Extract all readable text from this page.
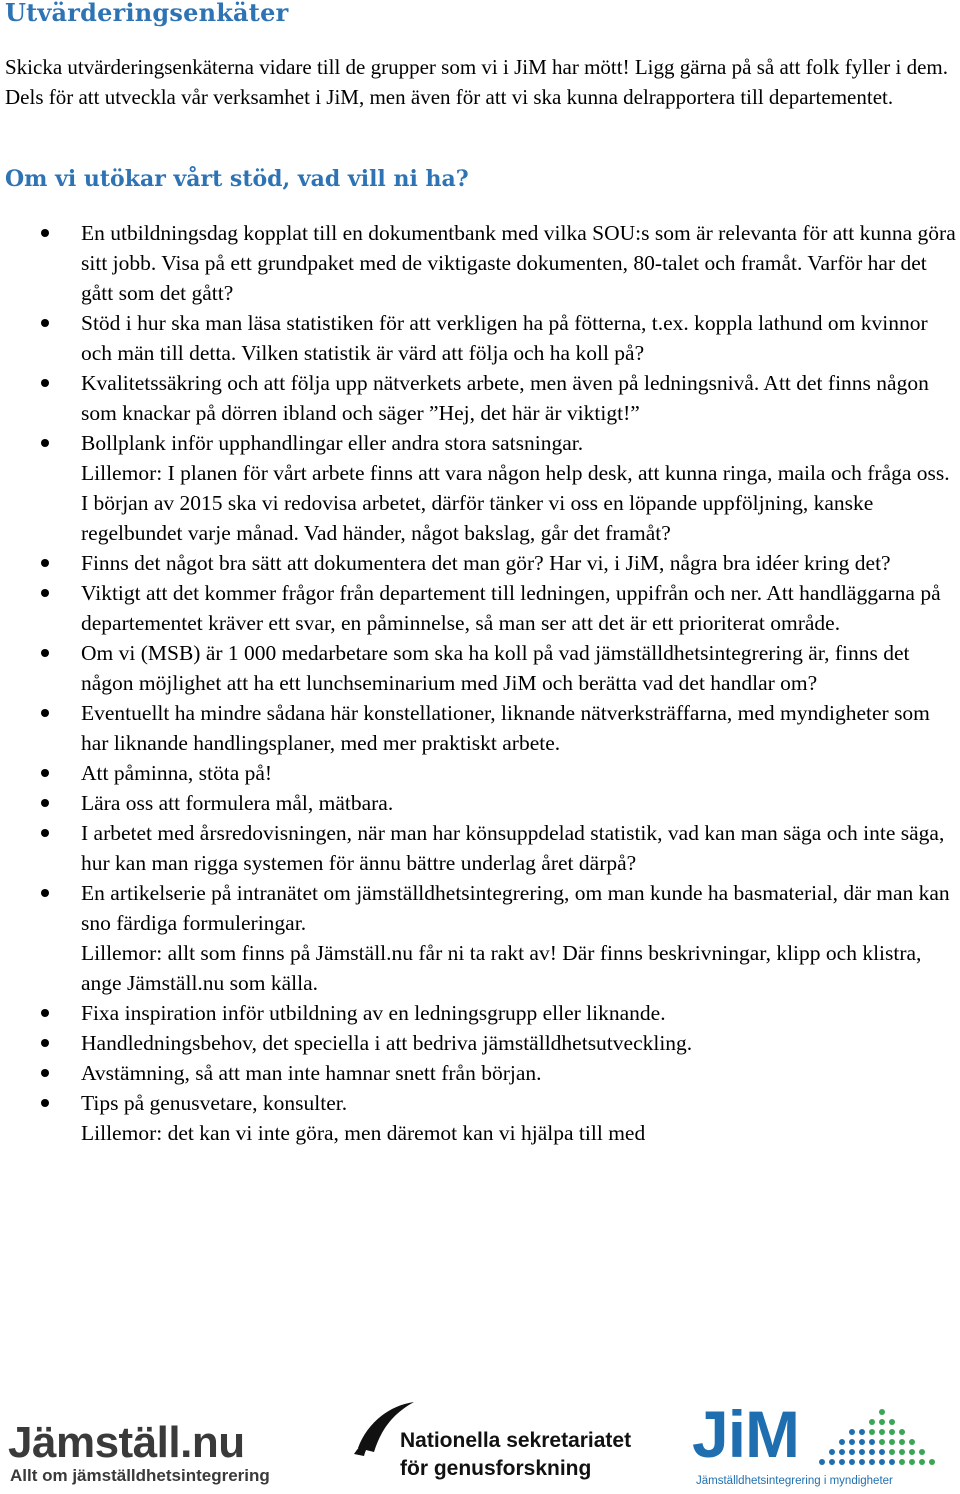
Utvärderingsenkäter

Skicka utvärderingsenkäterna vidare till de grupper som vi i JiM har mött! Ligg gärna på så att folk fyller i dem. Dels för att utveckla vår verksamhet i JiM, men även för att vi ska kunna delrapportera till departementet.

Om vi utökar vårt stöd, vad vill ni ha?
En utbildningsdag kopplat till en dokumentbank med vilka SOU:s som är relevanta för att kunna göra sitt jobb. Visa på ett grundpaket med de viktigaste dokumenten, 80-talet och framåt. Varför har det gått som det gått?
Stöd i hur ska man läsa statistiken för att verkligen ha på fötterna, t.ex. koppla lathund om kvinnor och män till detta. Vilken statistik är värd att följa och ha koll på?
Kvalitetssäkring och att följa upp nätverkets arbete, men även på ledningsnivå. Att det finns någon som knackar på dörren ibland och säger ”Hej, det här är viktigt!”
Bollplank inför upphandlingar eller andra stora satsningar.
Lillemor: I planen för vårt arbete finns att vara någon help desk, att kunna ringa, maila och fråga oss. I början av 2015 ska vi redovisa arbetet, därför tänker vi oss en löpande uppföljning, kanske regelbundet varje månad. Vad händer, något bakslag, går det framåt?
Finns det något bra sätt att dokumentera det man gör? Har vi, i JiM, några bra idéer kring det?
Viktigt att det kommer frågor från departement till ledningen, uppifrån och ner. Att handläggarna på departementet kräver ett svar, en påminnelse, så man ser att det är ett prioriterat område.
Om vi (MSB) är 1 000 medarbetare som ska ha koll på vad jämställdhetsintegrering är, finns det någon möjlighet att ha ett lunchseminarium med JiM och berätta vad det handlar om?
Eventuellt ha mindre sådana här konstellationer, liknande nätverksträffarna, med myndigheter som har liknande handlingsplaner, med mer praktiskt arbete.
Att påminna, stöta på!
Lära oss att formulera mål, mätbara.
I arbetet med årsredovisningen, när man har könsuppdelad statistik, vad kan man säga och inte säga, hur kan man rigga systemen för ännu bättre underlag året därpå?
En artikelserie på intranätet om jämställdhetsintegrering, om man kunde ha basmaterial, där man kan sno färdiga formuleringar.
Lillemor: allt som finns på Jämställ.nu får ni ta rakt av! Där finns beskrivningar, klipp och klistra, ange Jämställ.nu som källa.
Fixa inspiration inför utbildning av en ledningsgrupp eller liknande.
Handledningsbehov, det speciella i att bedriva jämställdhetsutveckling.
Avstämning, så att man inte hamnar snett från början.
Tips på genusvetare, konsulter.
Lillemor: det kan vi inte göra, men däremot kan vi hjälpa till med
Jämställ.nu
Allt om jämställdhetsintegrering
Nationella sekretariatet
för genusforskning JiM
Jämställdhetsintegrering i myndigheter
